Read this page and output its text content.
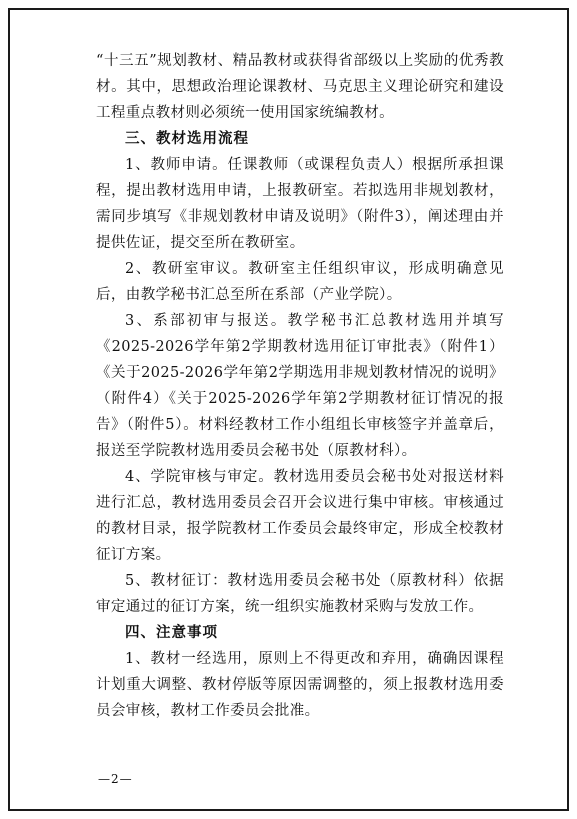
“十三五”规划教材、精品教材或获得省部级以上奖励的优秀教材。其中，思想政治理论课教材、马克思主义理论研究和建设工程重点教材则必须统一使用国家统编教材。

三、教材选用流程

1、教师申请。任课教师（或课程负责人）根据所承担课程，提出教材选用申请，上报教研室。若拟选用非规划教材，需同步填写《非规划教材申请及说明》（附件3），阐述理由并提供佐证，提交至所在教研室。

2、教研室审议。教研室主任组织审议，形成明确意见后，由教学秘书汇总至所在系部（产业学院）。

3、系部初审与报送。教学秘书汇总教材选用并填写《2025-2026学年第2学期教材选用征订审批表》（附件1）《关于2025-2026学年第2学期选用非规划教材情况的说明》（附件4）《关于2025-2026学年第2学期教材征订情况的报告》（附件5）。材料经教材工作小组组长审核签字并盖章后，报送至学院教材选用委员会秘书处（原教材科）。

4、学院审核与审定。教材选用委员会秘书处对报送材料进行汇总，教材选用委员会召开会议进行集中审核。审核通过的教材目录，报学院教材工作委员会最终审定，形成全校教材征订方案。

5、教材征订：教材选用委员会秘书处（原教材科）依据审定通过的征订方案，统一组织实施教材采购与发放工作。

四、注意事项

1、教材一经选用，原则上不得更改和弃用，确确因课程计划重大调整、教材停版等原因需调整的，须上报教材选用委员会审核，教材工作委员会批准。

—2—
